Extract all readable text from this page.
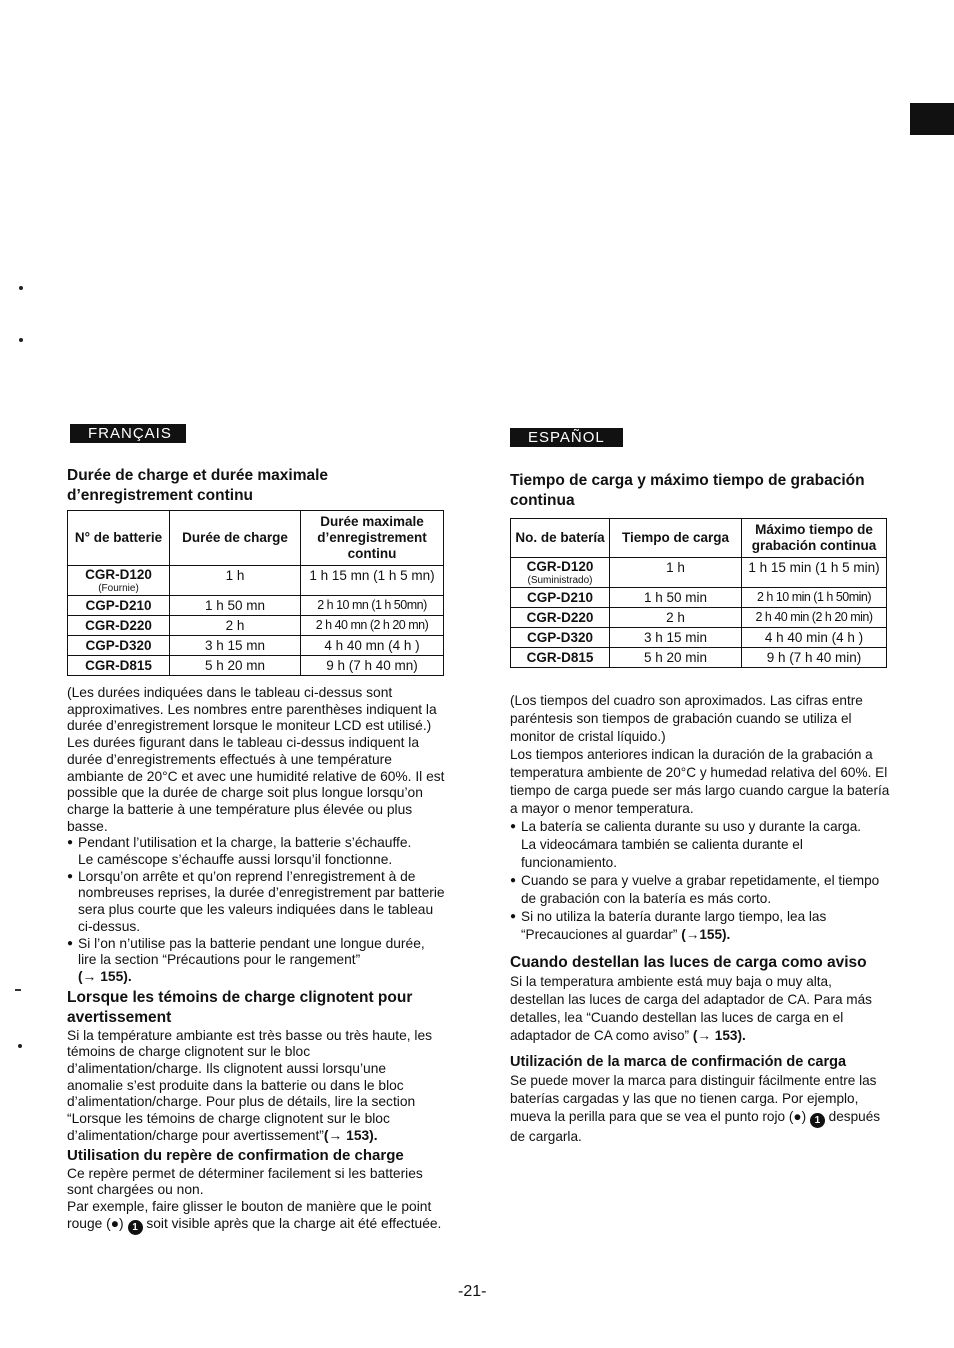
FRANÇAIS
Durée de charge et durée maximale d’enregistrement continu
N° de batterie	Durée de charge	Durée maximale d’enregistrement continu
CGR-D120
(Fournie)	1 h	1 h 15 mn (1 h 5 mn)
CGP-D210	1 h 50 mn	2 h 10 mn (1 h 50mn)
CGR-D220	2 h	2 h 40 mn (2 h 20 mn)
CGP-D320	3 h 15 mn	4 h 40 mn (4 h )
CGR-D815	5 h 20 mn	9 h (7 h 40 mn)

(Les durées indiquées dans le tableau ci-dessus sont approximatives. Les nombres entre parenthèses indiquent la durée d’enregistrement lorsque le moniteur LCD est utilisé.)

Les durées figurant dans le tableau ci-dessus indiquent la durée d’enregistrements effectués à une température ambiante de 20°C et avec une humidité relative de 60%. Il est possible que la durée de charge soit plus longue lorsqu’on charge la batterie à une température plus élevée ou plus basse.

● Pendant l’utilisation et la charge, la batterie s’échauffe.
Le caméscope s’échauffe aussi lorsqu’il fonctionne.
● Lorsqu’on arrête et qu’on reprend l’enregistrement à de nombreuses reprises, la durée d’enregistrement par batterie sera plus courte que les valeurs indiquées dans le tableau ci-dessus.
● Si l’on n’utilise pas la batterie pendant une longue durée, lire la section “Précautions pour le rangement”
(→ 155).
Lorsque les témoins de charge clignotent pour avertissement

Si la température ambiante est très basse ou très haute, les témoins de charge clignotent sur le bloc d’alimentation/charge. Ils clignotent aussi lorsqu’une anomalie s’est produite dans la batterie ou dans le bloc d’alimentation/charge. Pour plus de détails, lire la section “Lorsque les témoins de charge clignotent sur le bloc d’alimentation/charge pour avertissement”(→ 153).

Utilisation du repère de confirmation de charge

Ce repère permet de déterminer facilement si les batteries sont chargées ou non.

Par exemple, faire glisser le bouton de manière que le point rouge (●) 1 soit visible après que la charge ait été effectuée.

ESPAÑOL
Tiempo de carga y máximo tiempo de grabación continua
No. de batería	Tiempo de carga	Máximo tiempo de grabación continua
CGR-D120
(Suministrado)	1 h	1 h 15 min (1 h 5 min)
CGP-D210	1 h 50 min	2 h 10 min (1 h 50min)
CGR-D220	2 h	2 h 40 min (2 h 20 min)
CGP-D320	3 h 15 min	4 h 40 min (4 h )
CGR-D815	5 h 20 min	9 h (7 h 40 min)

(Los tiempos del cuadro son aproximados. Las cifras entre paréntesis son tiempos de grabación cuando se utiliza el monitor de cristal líquido.)

Los tiempos anteriores indican la duración de la grabación a temperatura ambiente de 20°C y humedad relativa del 60%. El tiempo de carga puede ser más largo cuando cargue la batería a mayor o menor temperatura.

● La batería se calienta durante su uso y durante la carga.
La videocámara también se calienta durante el funcionamiento.
● Cuando se para y vuelve a grabar repetidamente, el tiempo de grabación con la batería es más corto.
● Si no utiliza la batería durante largo tiempo, lea las “Precauciones al guardar” (→155).
Cuando destellan las luces de carga como aviso

Si la temperatura ambiente está muy baja o muy alta, destellan las luces de carga del adaptador de CA. Para más detalles, lea “Cuando destellan las luces de carga en el adaptador de CA como aviso” (→ 153).

Utilización de la marca de confirmación de carga

Se puede mover la marca para distinguir fácilmente entre las baterías cargadas y las que no tienen carga. Por ejemplo, mueva la perilla para que se vea el punto rojo (●) 1 después de cargarla.

-21-
